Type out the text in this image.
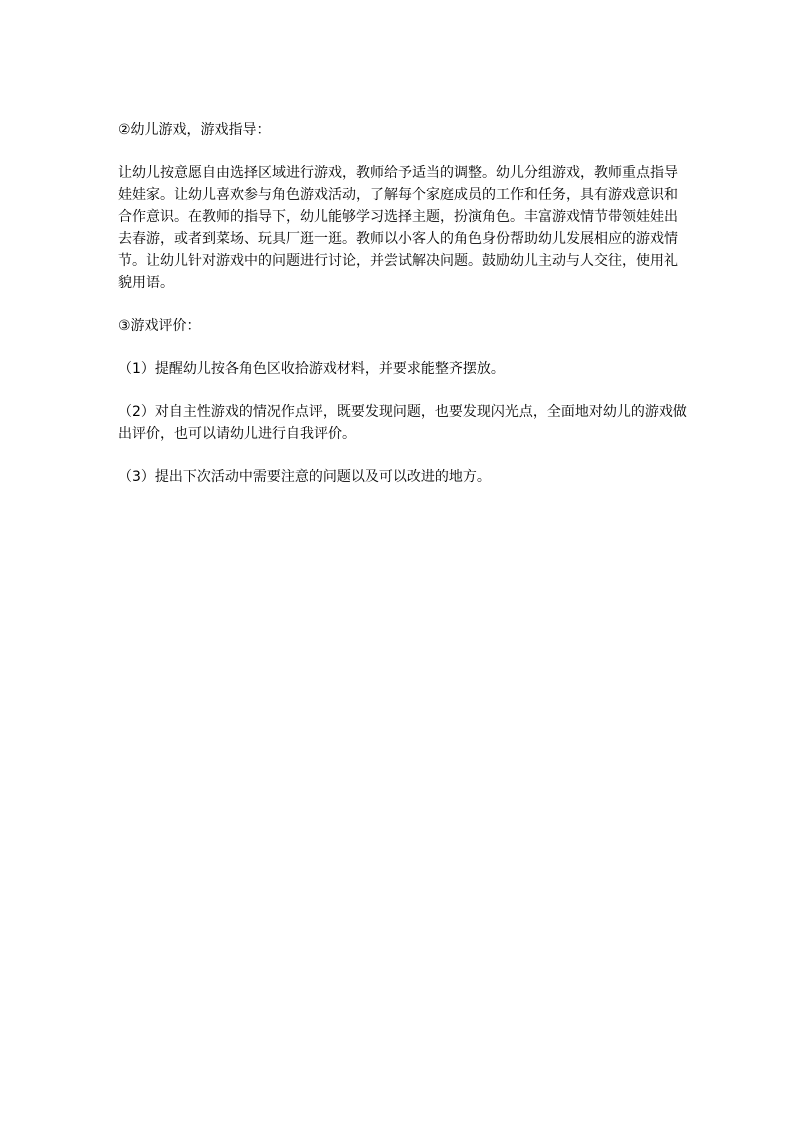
②幼儿游戏，游戏指导：

让幼儿按意愿自由选择区域进行游戏，教师给予适当的调整。幼儿分组游戏，教师重点指导娃娃家。让幼儿喜欢参与角色游戏活动，了解每个家庭成员的工作和任务，具有游戏意识和合作意识。在教师的指导下，幼儿能够学习选择主题，扮演角色。丰富游戏情节带领娃娃出去春游，或者到菜场、玩具厂逛一逛。教师以小客人的角色身份帮助幼儿发展相应的游戏情节。让幼儿针对游戏中的问题进行讨论，并尝试解决问题。鼓励幼儿主动与人交往，使用礼貌用语。

③游戏评价：

（1）提醒幼儿按各角色区收拾游戏材料，并要求能整齐摆放。

（2）对自主性游戏的情况作点评，既要发现问题，也要发现闪光点，全面地对幼儿的游戏做出评价，也可以请幼儿进行自我评价。

（3）提出下次活动中需要注意的问题以及可以改进的地方。
